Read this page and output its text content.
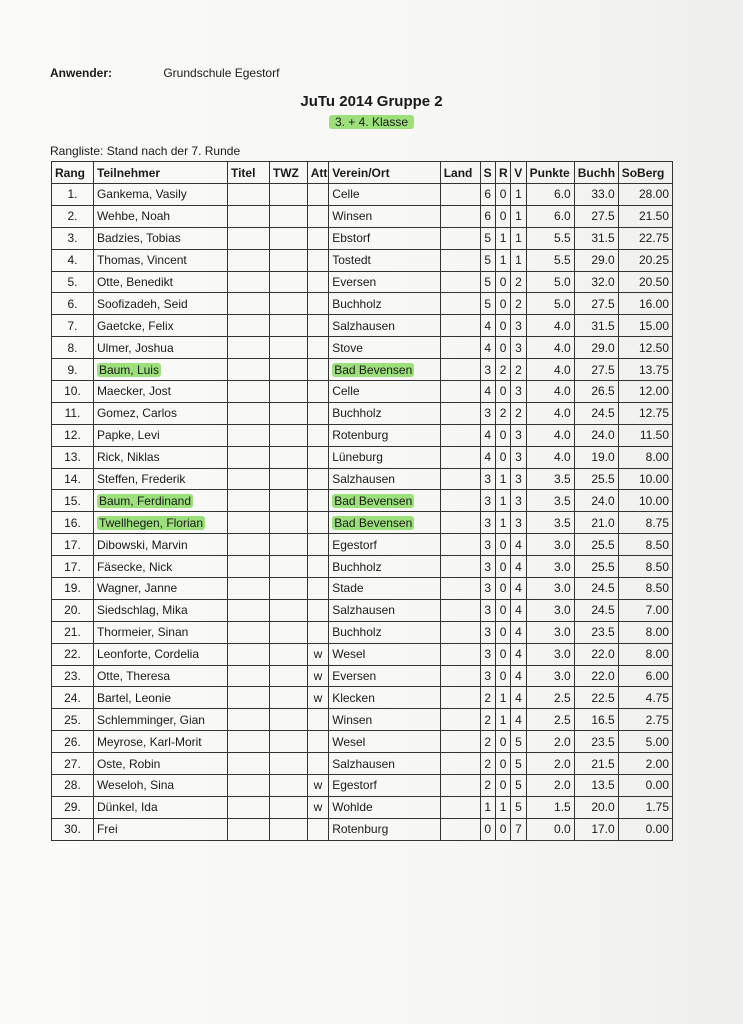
Anwender:	Grundschule Egestorf
JuTu 2014 Gruppe 2
3. + 4. Klasse
Rangliste: Stand nach der 7. Runde
Rang	Teilnehmer	Titel	TWZ	Att	Verein/Ort	Land	S	R	V	Punkte	Buchh	SoBerg
1.	Gankema, Vasily				Celle		6	0	1	6.0	33.0	28.00
2.	Wehbe, Noah				Winsen		6	0	1	6.0	27.5	21.50
3.	Badzies, Tobias				Ebstorf		5	1	1	5.5	31.5	22.75
4.	Thomas, Vincent				Tostedt		5	1	1	5.5	29.0	20.25
5.	Otte, Benedikt				Eversen		5	0	2	5.0	32.0	20.50
6.	Soofizadeh, Seid				Buchholz		5	0	2	5.0	27.5	16.00
7.	Gaetcke, Felix				Salzhausen		4	0	3	4.0	31.5	15.00
8.	Ulmer, Joshua				Stove		4	0	3	4.0	29.0	12.50
9.	Baum, Luis				Bad Bevensen		3	2	2	4.0	27.5	13.75
10.	Maecker, Jost				Celle		4	0	3	4.0	26.5	12.00
11.	Gomez, Carlos				Buchholz		3	2	2	4.0	24.5	12.75
12.	Papke, Levi				Rotenburg		4	0	3	4.0	24.0	11.50
13.	Rick, Niklas				Lüneburg		4	0	3	4.0	19.0	8.00
14.	Steffen, Frederik				Salzhausen		3	1	3	3.5	25.5	10.00
15.	Baum, Ferdinand				Bad Bevensen		3	1	3	3.5	24.0	10.00
16.	Twellhegen, Florian				Bad Bevensen		3	1	3	3.5	21.0	8.75
17.	Dibowski, Marvin				Egestorf		3	0	4	3.0	25.5	8.50
17.	Fäsecke, Nick				Buchholz		3	0	4	3.0	25.5	8.50
19.	Wagner, Janne				Stade		3	0	4	3.0	24.5	8.50
20.	Siedschlag, Mika				Salzhausen		3	0	4	3.0	24.5	7.00
21.	Thormeier, Sinan				Buchholz		3	0	4	3.0	23.5	8.00
22.	Leonforte, Cordelia			w	Wesel		3	0	4	3.0	22.0	8.00
23.	Otte, Theresa			w	Eversen		3	0	4	3.0	22.0	6.00
24.	Bartel, Leonie			w	Klecken		2	1	4	2.5	22.5	4.75
25.	Schlemminger, Gian				Winsen		2	1	4	2.5	16.5	2.75
26.	Meyrose, Karl-Morit				Wesel		2	0	5	2.0	23.5	5.00
27.	Oste, Robin				Salzhausen		2	0	5	2.0	21.5	2.00
28.	Weseloh, Sina			w	Egestorf		2	0	5	2.0	13.5	0.00
29.	Dünkel, Ida			w	Wohlde		1	1	5	1.5	20.0	1.75
30.	Frei				Rotenburg		0	0	7	0.0	17.0	0.00
